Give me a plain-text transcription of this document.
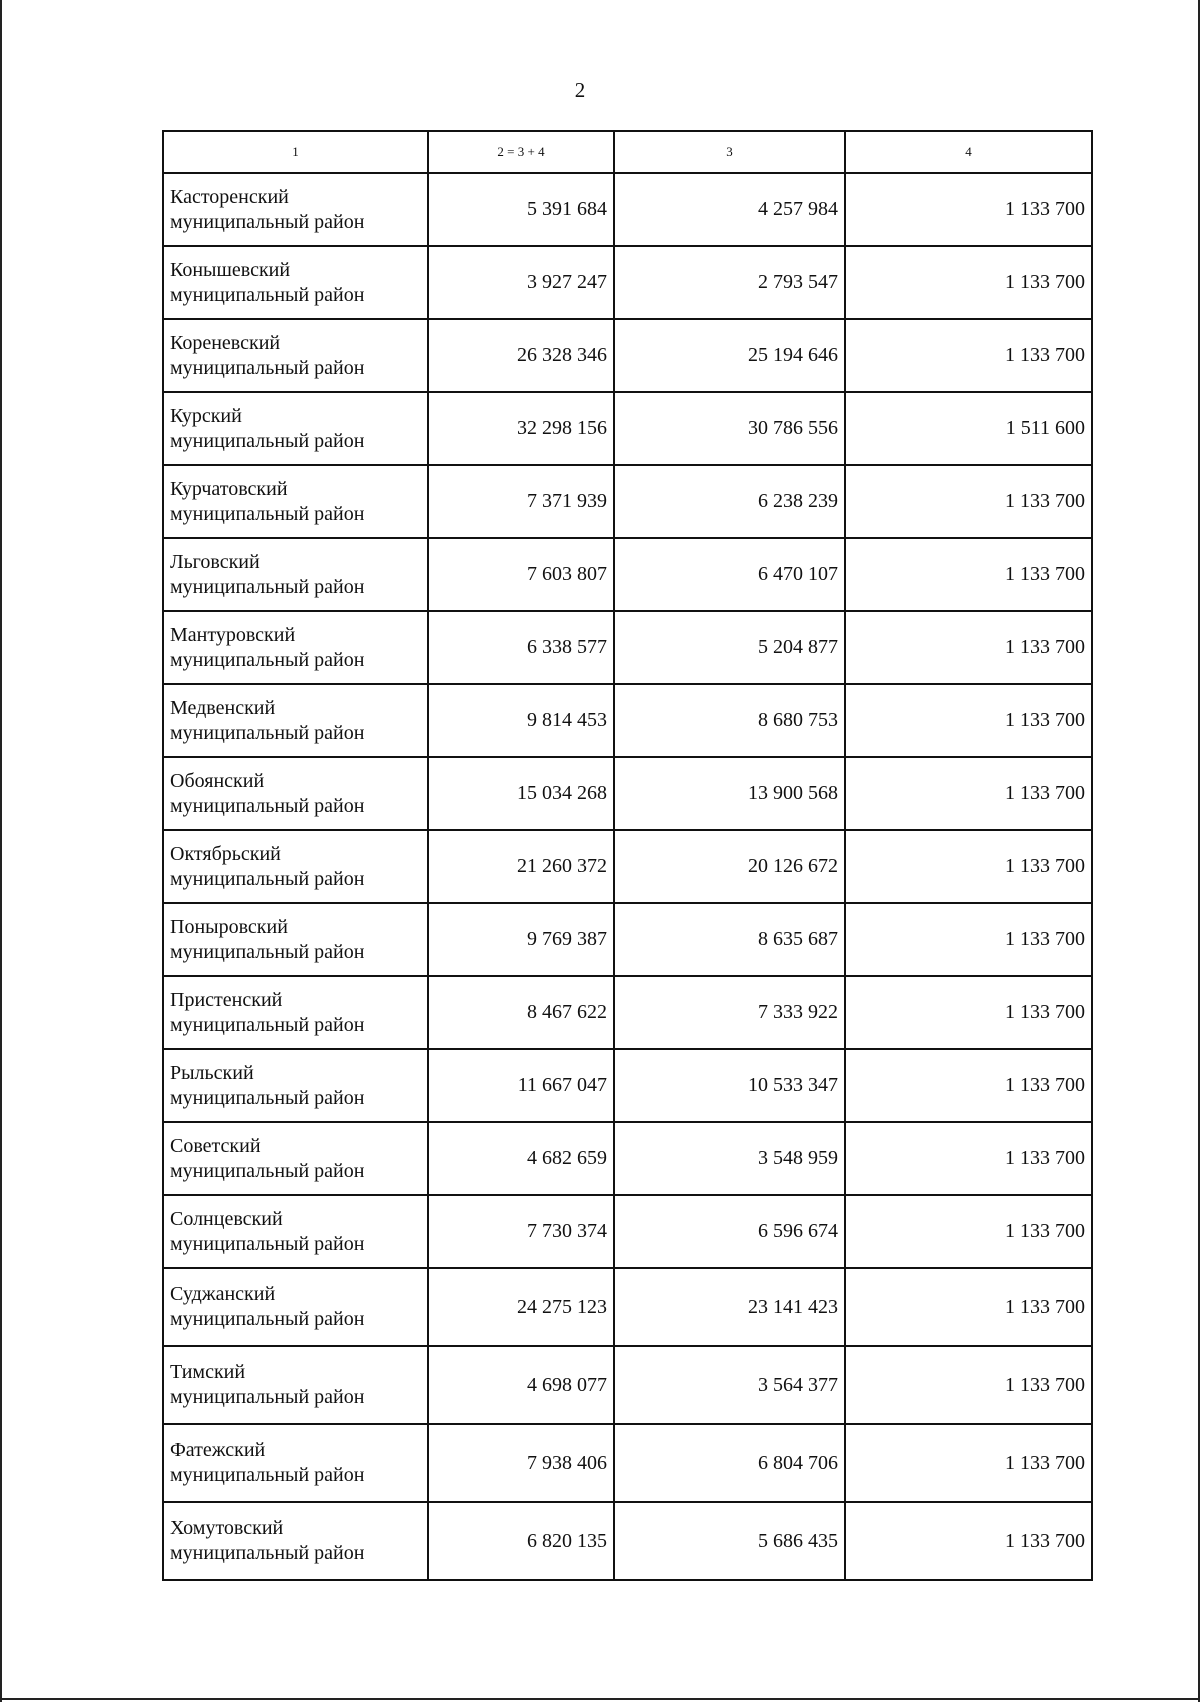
2
1	2 = 3 + 4	3	4

Касторенский
муниципальный район	5 391 684	4 257 984	1 133 700

Конышевский
муниципальный район	3 927 247	2 793 547	1 133 700

Кореневский
муниципальный район	26 328 346	25 194 646	1 133 700

Курский
муниципальный район	32 298 156	30 786 556	1 511 600

Курчатовский
муниципальный район	7 371 939	6 238 239	1 133 700

Льговский
муниципальный район	7 603 807	6 470 107	1 133 700

Мантуровский
муниципальный район	6 338 577	5 204 877	1 133 700

Медвенский
муниципальный район	9 814 453	8 680 753	1 133 700

Обоянский
муниципальный район	15 034 268	13 900 568	1 133 700

Октябрьский
муниципальный район	21 260 372	20 126 672	1 133 700

Поныровский
муниципальный район	9 769 387	8 635 687	1 133 700

Пристенский
муниципальный район	8 467 622	7 333 922	1 133 700

Рыльский
муниципальный район	11 667 047	10 533 347	1 133 700

Советский
муниципальный район	4 682 659	3 548 959	1 133 700

Солнцевский
муниципальный район	7 730 374	6 596 674	1 133 700

Суджанский
муниципальный район	24 275 123	23 141 423	1 133 700

Тимский
муниципальный район	4 698 077	3 564 377	1 133 700

Фатежский
муниципальный район	7 938 406	6 804 706	1 133 700

Хомутовский
муниципальный район	6 820 135	5 686 435	1 133 700
